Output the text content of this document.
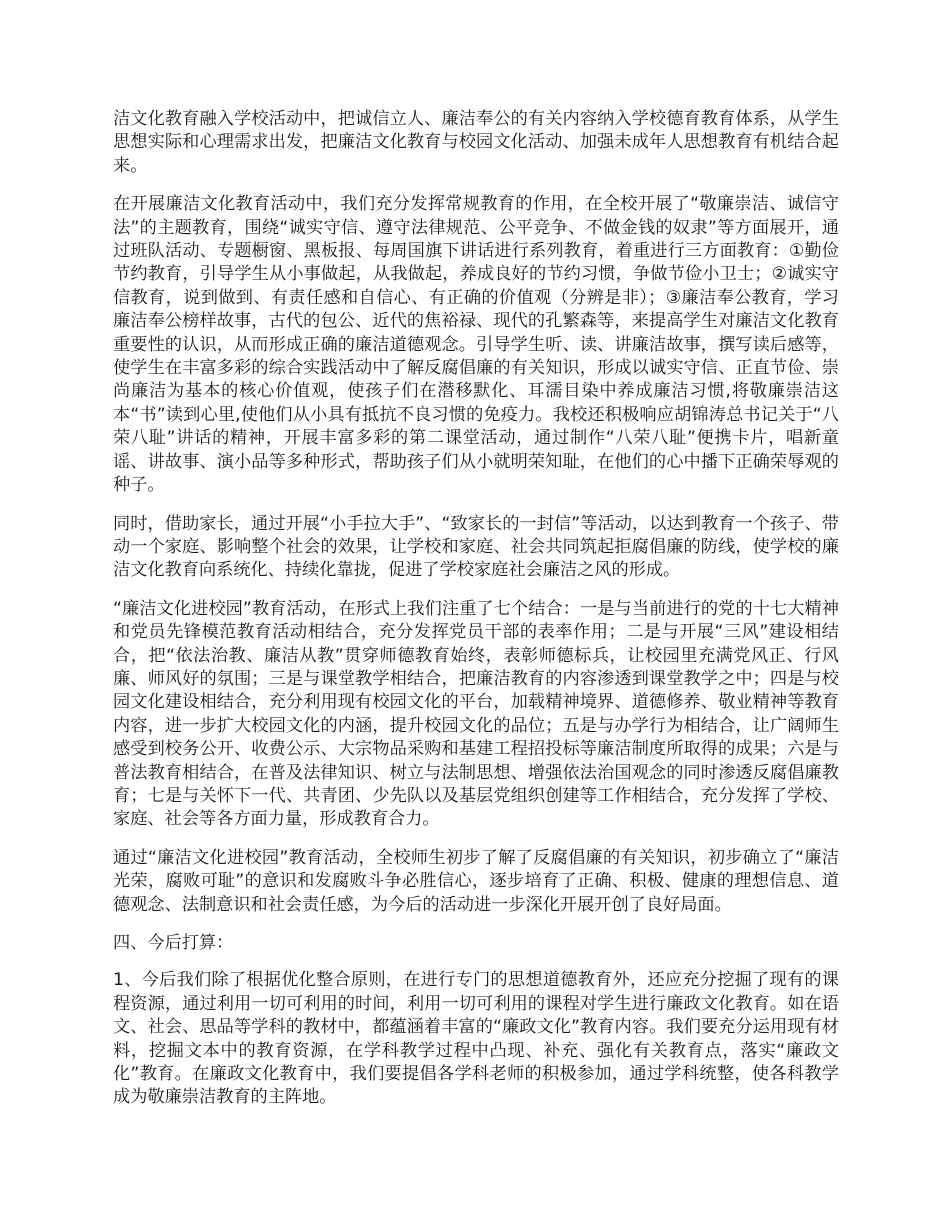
洁文化教育融入学校活动中，把诚信立人、廉洁奉公的有关内容纳入学校德育教育体系，从学生思想实际和心理需求出发，把廉洁文化教育与校园文化活动、加强未成年人思想教育有机结合起来。

在开展廉洁文化教育活动中，我们充分发挥常规教育的作用，在全校开展了“敬廉崇洁、诚信守法”的主题教育，围绕“诚实守信、遵守法律规范、公平竞争、不做金钱的奴隶”等方面展开，通过班队活动、专题橱窗、黑板报、每周国旗下讲话进行系列教育，着重进行三方面教育：①勤俭节约教育，引导学生从小事做起，从我做起，养成良好的节约习惯，争做节俭小卫士；②诚实守信教育，说到做到、有责任感和自信心、有正确的价值观（分辨是非）；③廉洁奉公教育，学习廉洁奉公榜样故事，古代的包公、近代的焦裕禄、现代的孔繁森等，来提高学生对廉洁文化教育重要性的认识，从而形成正确的廉洁道德观念。引导学生听、读、讲廉洁故事，撰写读后感等，使学生在丰富多彩的综合实践活动中了解反腐倡廉的有关知识，形成以诚实守信、正直节俭、崇尚廉洁为基本的核心价值观，使孩子们在潜移默化、耳濡目染中养成廉洁习惯,将敬廉崇洁这本“书”读到心里,使他们从小具有抵抗不良习惯的免疫力。我校还积极响应胡锦涛总书记关于“八荣八耻”讲话的精神，开展丰富多彩的第二课堂活动，通过制作“八荣八耻”便携卡片，唱新童谣、讲故事、演小品等多种形式，帮助孩子们从小就明荣知耻，在他们的心中播下正确荣辱观的种子。

同时，借助家长，通过开展“小手拉大手”、“致家长的一封信”等活动，以达到教育一个孩子、带动一个家庭、影响整个社会的效果，让学校和家庭、社会共同筑起拒腐倡廉的防线，使学校的廉洁文化教育向系统化、持续化靠拢，促进了学校家庭社会廉洁之风的形成。

“廉洁文化进校园”教育活动，在形式上我们注重了七个结合：一是与当前进行的党的十七大精神和党员先锋模范教育活动相结合，充分发挥党员干部的表率作用；二是与开展“三风”建设相结合，把“依法治教、廉洁从教”贯穿师德教育始终，表彰师德标兵，让校园里充满党风正、行风廉、师风好的氛围；三是与课堂教学相结合，把廉洁教育的内容渗透到课堂教学之中；四是与校园文化建设相结合，充分利用现有校园文化的平台，加载精神境界、道德修养、敬业精神等教育内容，进一步扩大校园文化的内涵，提升校园文化的品位；五是与办学行为相结合，让广阔师生感受到校务公开、收费公示、大宗物品采购和基建工程招投标等廉洁制度所取得的成果；六是与普法教育相结合，在普及法律知识、树立与法制思想、增强依法治国观念的同时渗透反腐倡廉教育；七是与关怀下一代、共青团、少先队以及基层党组织创建等工作相结合，充分发挥了学校、家庭、社会等各方面力量，形成教育合力。

通过“廉洁文化进校园”教育活动，全校师生初步了解了反腐倡廉的有关知识，初步确立了“廉洁光荣，腐败可耻”的意识和发腐败斗争必胜信心，逐步培育了正确、积极、健康的理想信息、道德观念、法制意识和社会责任感，为今后的活动进一步深化开展开创了良好局面。

四、今后打算：

1、今后我们除了根据优化整合原则，在进行专门的思想道德教育外，还应充分挖掘了现有的课程资源，通过利用一切可利用的时间，利用一切可利用的课程对学生进行廉政文化教育。如在语文、社会、思品等学科的教材中，都蕴涵着丰富的“廉政文化”教育内容。我们要充分运用现有材料，挖掘文本中的教育资源，在学科教学过程中凸现、补充、强化有关教育点，落实“廉政文化”教育。在廉政文化教育中，我们要提倡各学科老师的积极参加，通过学科统整，使各科教学成为敬廉崇洁教育的主阵地。
